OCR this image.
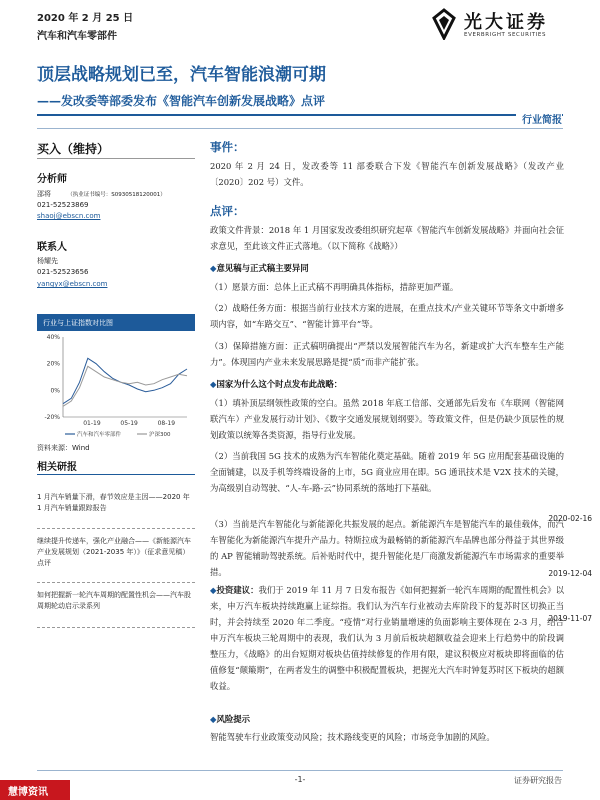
2020 年 2 月 25 日
汽车和汽车零部件
光大证券
EVERBRIGHT SECURITIES
顶层战略规划已至，汽车智能浪潮可期
——发改委等部委发布《智能汽车创新发展战略》点评
行业简报
买入（维持）
分析师
邵将	（执业证书编号：S0930518120001）
021-52523869
shaoj@ebscn.com
联系人
杨耀先
021-52523656
yangyx@ebscn.com
行业与上证指数对比图
-20%
0%
20%
40%
01-19	05-19	08-19
汽车和汽车零部件	沪深300
资料来源：Wind
相关研报
1 月汽车销量下滑，春节效应是主因——2020 年 1 月汽车销量跟踪报告
2020-02-16
继续提升传递车，强化产业融合——《新能源汽车产业发展规划（2021-2035 年）》（征求意见稿）点评
2019-12-04
如何把握新一轮汽车周期的配置性机会——汽车股周期轮动启示录系列
2019-11-07
事件：
2020 年 2 月 24 日，发改委等 11 部委联合下发《智能汽车创新发展战略》（发改产业〔2020〕202 号）文件。
点评：
政策文件背景：2018 年 1 月国家发改委组织研究起草《智能汽车创新发展战略》并面向社会征求意见，至此该文件正式落地。（以下简称《战略》）
◆意见稿与正式稿主要异同
（1）愿景方面：总体上正式稿不再明确具体指标，措辞更加严谨。
（2）战略任务方面：根据当前行业技术方案的进展，在重点技术/产业关键环节等条文中新增多项内容，如“车路交互”、“智能计算平台”等。
（3）保障措施方面：正式稿明确提出“严禁以发展智能汽车为名，新建或扩大汽车整车生产能力”。体现国内产业未来发展思路是提“质”而非产能扩张。
◆国家为什么这个时点发布此战略：
（1）填补顶层纲领性政策的空白。虽然 2018 年底工信部、交通部先后发布《车联网（智能网联汽车）产业发展行动计划》、《数字交通发展规划纲要》。等政策文件，但是仍缺少顶层性的规划政策以统筹各类资源，指导行业发展。
（2）当前我国 5G 技术的成熟为汽车智能化奠定基础。随着 2019 年 5G 应用配套基础设施的全面铺建，以及手机等终端设备的上市，5G 商业应用在即。5G 通讯技术是 V2X 技术的关键，为高级别自动驾驶、“人-车-路-云”协同系统的落地打下基础。
（3）当前是汽车智能化与新能源化共振发展的起点。新能源汽车是智能汽车的最佳载体，而汽车智能化为新能源汽车提升产品力。特斯拉成为最畅销的新能源汽车品牌也部分得益于其世界级的 AP 智能辅助驾驶系统。后补贴时代中，提升智能化是厂商激发新能源汽车市场需求的重要举措。
◆投资建议：我们于 2019 年 11 月 7 日发布报告《如何把握新一轮汽车周期的配置性机会》以来，申万汽车板块持续跑赢上证综指。我们认为汽车行业被动去库阶段下的复苏时区切换正当时，并会持续至 2020 年二季度。“疫情”对行业销量增速的负面影响主要体现在 2-3 月，结合申万汽车板块三轮周期中的表现，我们认为 3 月前后板块超额收益会迎来上行趋势中的阶段调整压力，《战略》的出台短期对板块估值持续修复的作用有限，建议积极应对板块即将面临的估值修复“颠簸期”，在两者发生的调整中积极配置板块，把握光大汽车时钟复苏时区下板块的超额收益。
◆风险提示
智能驾驶车行业政策变动风险；技术路线变更的风险；市场竞争加剧的风险。
-1-	证券研究报告
慧博资讯
